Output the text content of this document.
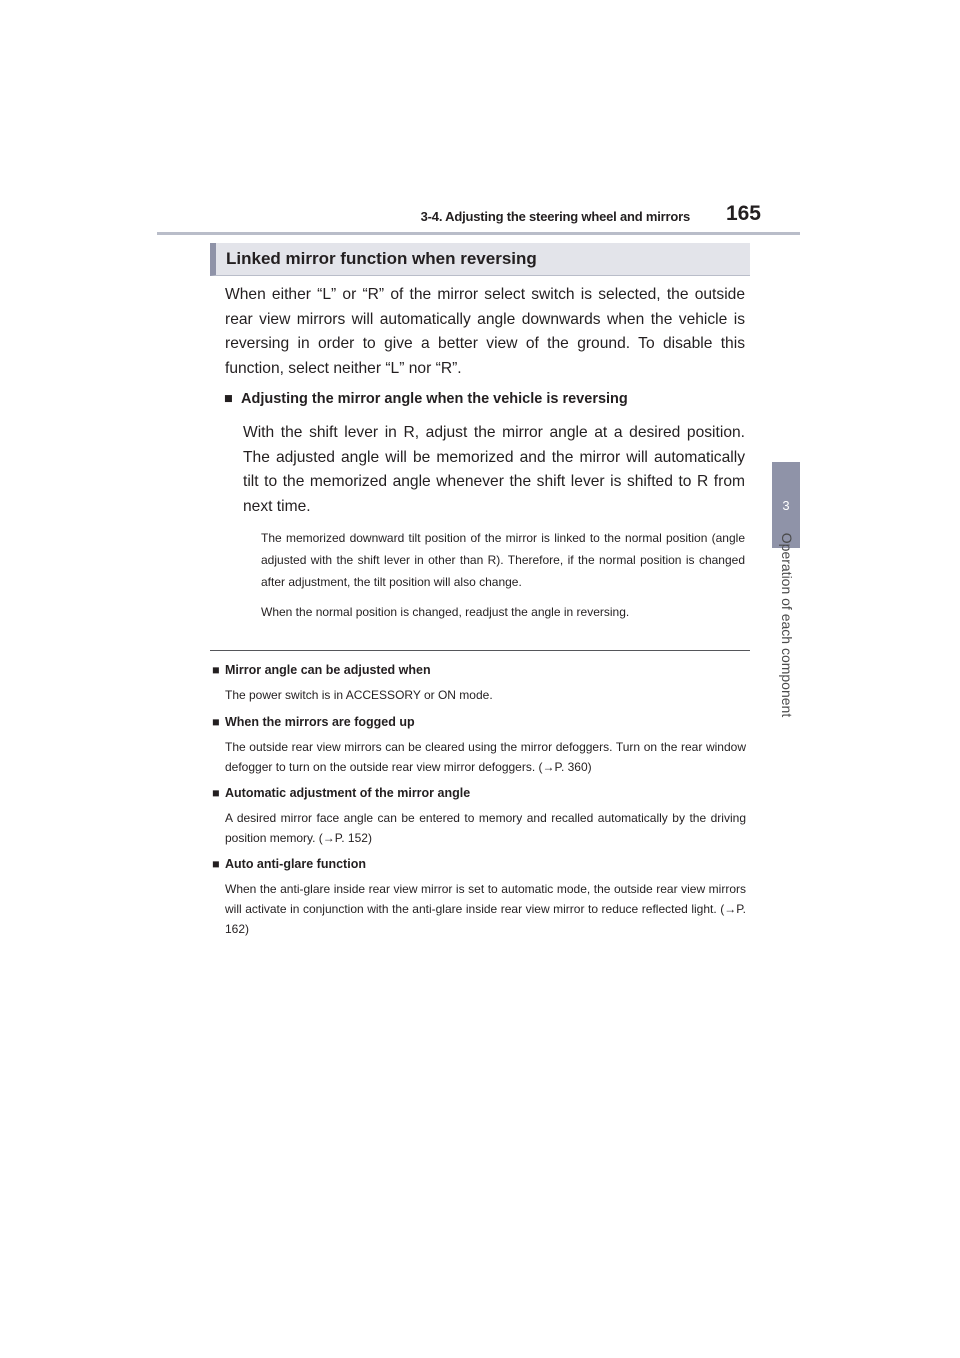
3-4. Adjusting the steering wheel and mirrors 165
3
Operation of each component
Linked mirror function when reversing

When either “L” or “R” of the mirror select switch is selected, the outside rear view mirrors will automatically angle downwards when the vehicle is reversing in order to give a better view of the ground. To disable this function, select neither “L” nor “R”.

■ Adjusting the mirror angle when the vehicle is reversing

With the shift lever in R, adjust the mirror angle at a desired position. The adjusted angle will be memorized and the mirror will automatically tilt to the memorized angle whenever the shift lever is shifted to R from next time.

The memorized downward tilt position of the mirror is linked to the normal position (angle adjusted with the shift lever in other than R). Therefore, if the normal position is changed after adjustment, the tilt position will also change.

When the normal position is changed, readjust the angle in reversing.

■ Mirror angle can be adjusted when

The power switch is in ACCESSORY or ON mode.

■ When the mirrors are fogged up

The outside rear view mirrors can be cleared using the mirror defoggers. Turn on the rear window defogger to turn on the outside rear view mirror defoggers. (→P. 360)

■ Automatic adjustment of the mirror angle

A desired mirror face angle can be entered to memory and recalled automatically by the driving position memory. (→P. 152)

■ Auto anti-glare function

When the anti-glare inside rear view mirror is set to automatic mode, the outside rear view mirrors will activate in conjunction with the anti-glare inside rear view mirror to reduce reflected light. (→P. 162)
